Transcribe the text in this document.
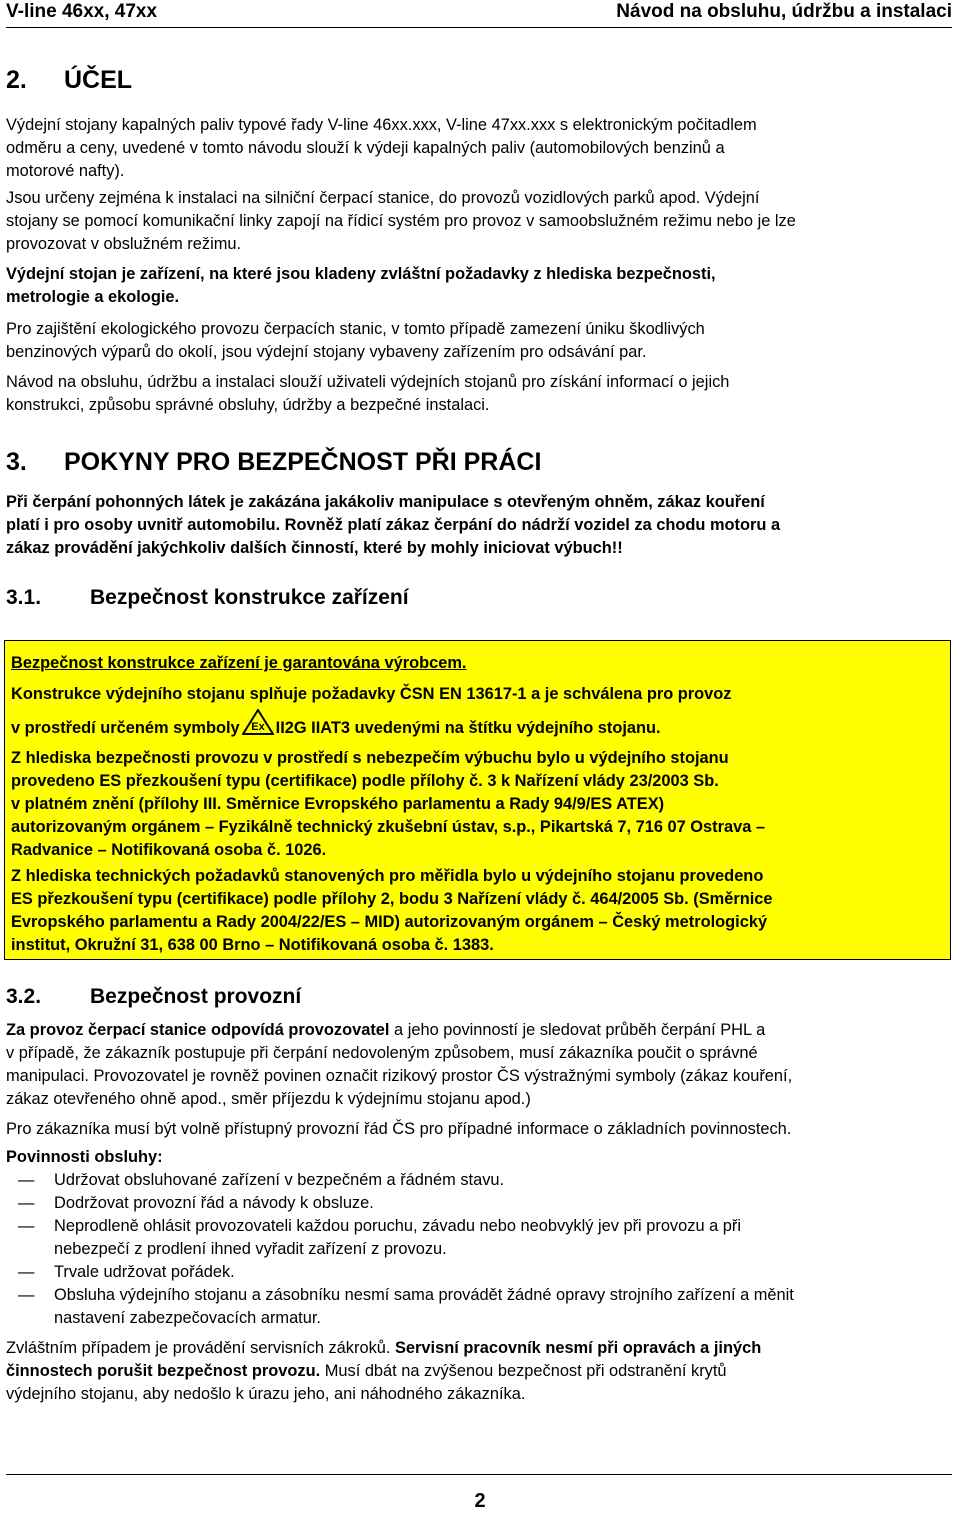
V-line 46xx, 47xx	Návod na obsluhu, údržbu a instalaci
2. ÚČEL
Výdejní stojany kapalných paliv typové řady V-line 46xx.xxx, V-line 47xx.xxx s elektronickým počitadlem
odměru a ceny, uvedené v tomto návodu slouží k výdeji kapalných paliv (automobilových benzinů a
motorové nafty).
Jsou určeny zejména k instalaci na silniční čerpací stanice, do provozů vozidlových parků apod. Výdejní
stojany se pomocí komunikační linky zapojí na řídicí systém pro provoz v samoobslužném režimu nebo je lze
provozovat v obslužném režimu.
Výdejní stojan je zařízení, na které jsou kladeny zvláštní požadavky z hlediska bezpečnosti,
metrologie a ekologie.
Pro zajištění ekologického provozu čerpacích stanic, v tomto případě zamezení úniku škodlivých
benzinových výparů do okolí, jsou výdejní stojany vybaveny zařízením pro odsávání par.
Návod na obsluhu, údržbu a instalaci slouží uživateli výdejních stojanů pro získání informací o jejich
konstrukci, způsobu správné obsluhy, údržby a bezpečné instalaci.
3. POKYNY PRO BEZPEČNOST PŘI PRÁCI
Při čerpání pohonných látek je zakázána jakákoliv manipulace s otevřeným ohněm, zákaz kouření
platí i pro osoby uvnitř automobilu. Rovněž platí zákaz čerpání do nádrží vozidel za chodu motoru a
zákaz provádění jakýchkoliv dalších činností, které by mohly iniciovat výbuch!!
3.1. Bezpečnost konstrukce zařízení

Bezpečnost konstrukce zařízení je garantována výrobcem.

Konstrukce výdejního stojanu splňuje požadavky ČSN EN 13617-1 a je schválena pro provoz

v prostředí určeném symboly Ex II2G IIAT3 uvedenými na štítku výdejního stojanu.

Z hlediska bezpečnosti provozu v prostředí s nebezpečím výbuchu bylo u výdejního stojanu
provedeno ES přezkoušení typu (certifikace) podle přílohy č. 3 k Nařízení vlády 23/2003 Sb.
v platném znění (přílohy III. Směrnice Evropského parlamentu a Rady 94/9/ES ATEX)
autorizovaným orgánem – Fyzikálně technický zkušební ústav, s.p., Pikartská 7, 716 07 Ostrava –
Radvanice – Notifikovaná osoba č. 1026.
Z hlediska technických požadavků stanovených pro měřidla bylo u výdejního stojanu provedeno
ES přezkoušení typu (certifikace) podle přílohy 2, bodu 3 Nařízení vlády č. 464/2005 Sb. (Směrnice
Evropského parlamentu a Rady 2004/22/ES – MID) autorizovaným orgánem – Český metrologický
institut, Okružní 31, 638 00 Brno – Notifikovaná osoba č. 1383.
3.2. Bezpečnost provozní
Za provoz čerpací stanice odpovídá provozovatel a jeho povinností je sledovat průběh čerpání PHL a
v případě, že zákazník postupuje při čerpání nedovoleným způsobem, musí zákazníka poučit o správné
manipulaci. Provozovatel je rovněž povinen označit rizikový prostor ČS výstražnými symboly (zákaz kouření,
zákaz otevřeného ohně apod., směr příjezdu k výdejnímu stojanu apod.)
Pro zákazníka musí být volně přístupný provozní řád ČS pro případné informace o základních povinnostech.
Povinnosti obsluhy:
— Udržovat obsluhované zařízení v bezpečném a řádném stavu.
— Dodržovat provozní řád a návody k obsluze.
— Neprodleně ohlásit provozovateli každou poruchu, závadu nebo neobvyklý jev při provozu a při
nebezpečí z prodlení ihned vyřadit zařízení z provozu.
— Trvale udržovat pořádek.
— Obsluha výdejního stojanu a zásobníku nesmí sama provádět žádné opravy strojního zařízení a měnit
nastavení zabezpečovacích armatur.
Zvláštním případem je provádění servisních zákroků. Servisní pracovník nesmí při opravách a jiných
činnostech porušit bezpečnost provozu. Musí dbát na zvýšenou bezpečnost při odstranění krytů
výdejního stojanu, aby nedošlo k úrazu jeho, ani náhodného zákazníka.
2
